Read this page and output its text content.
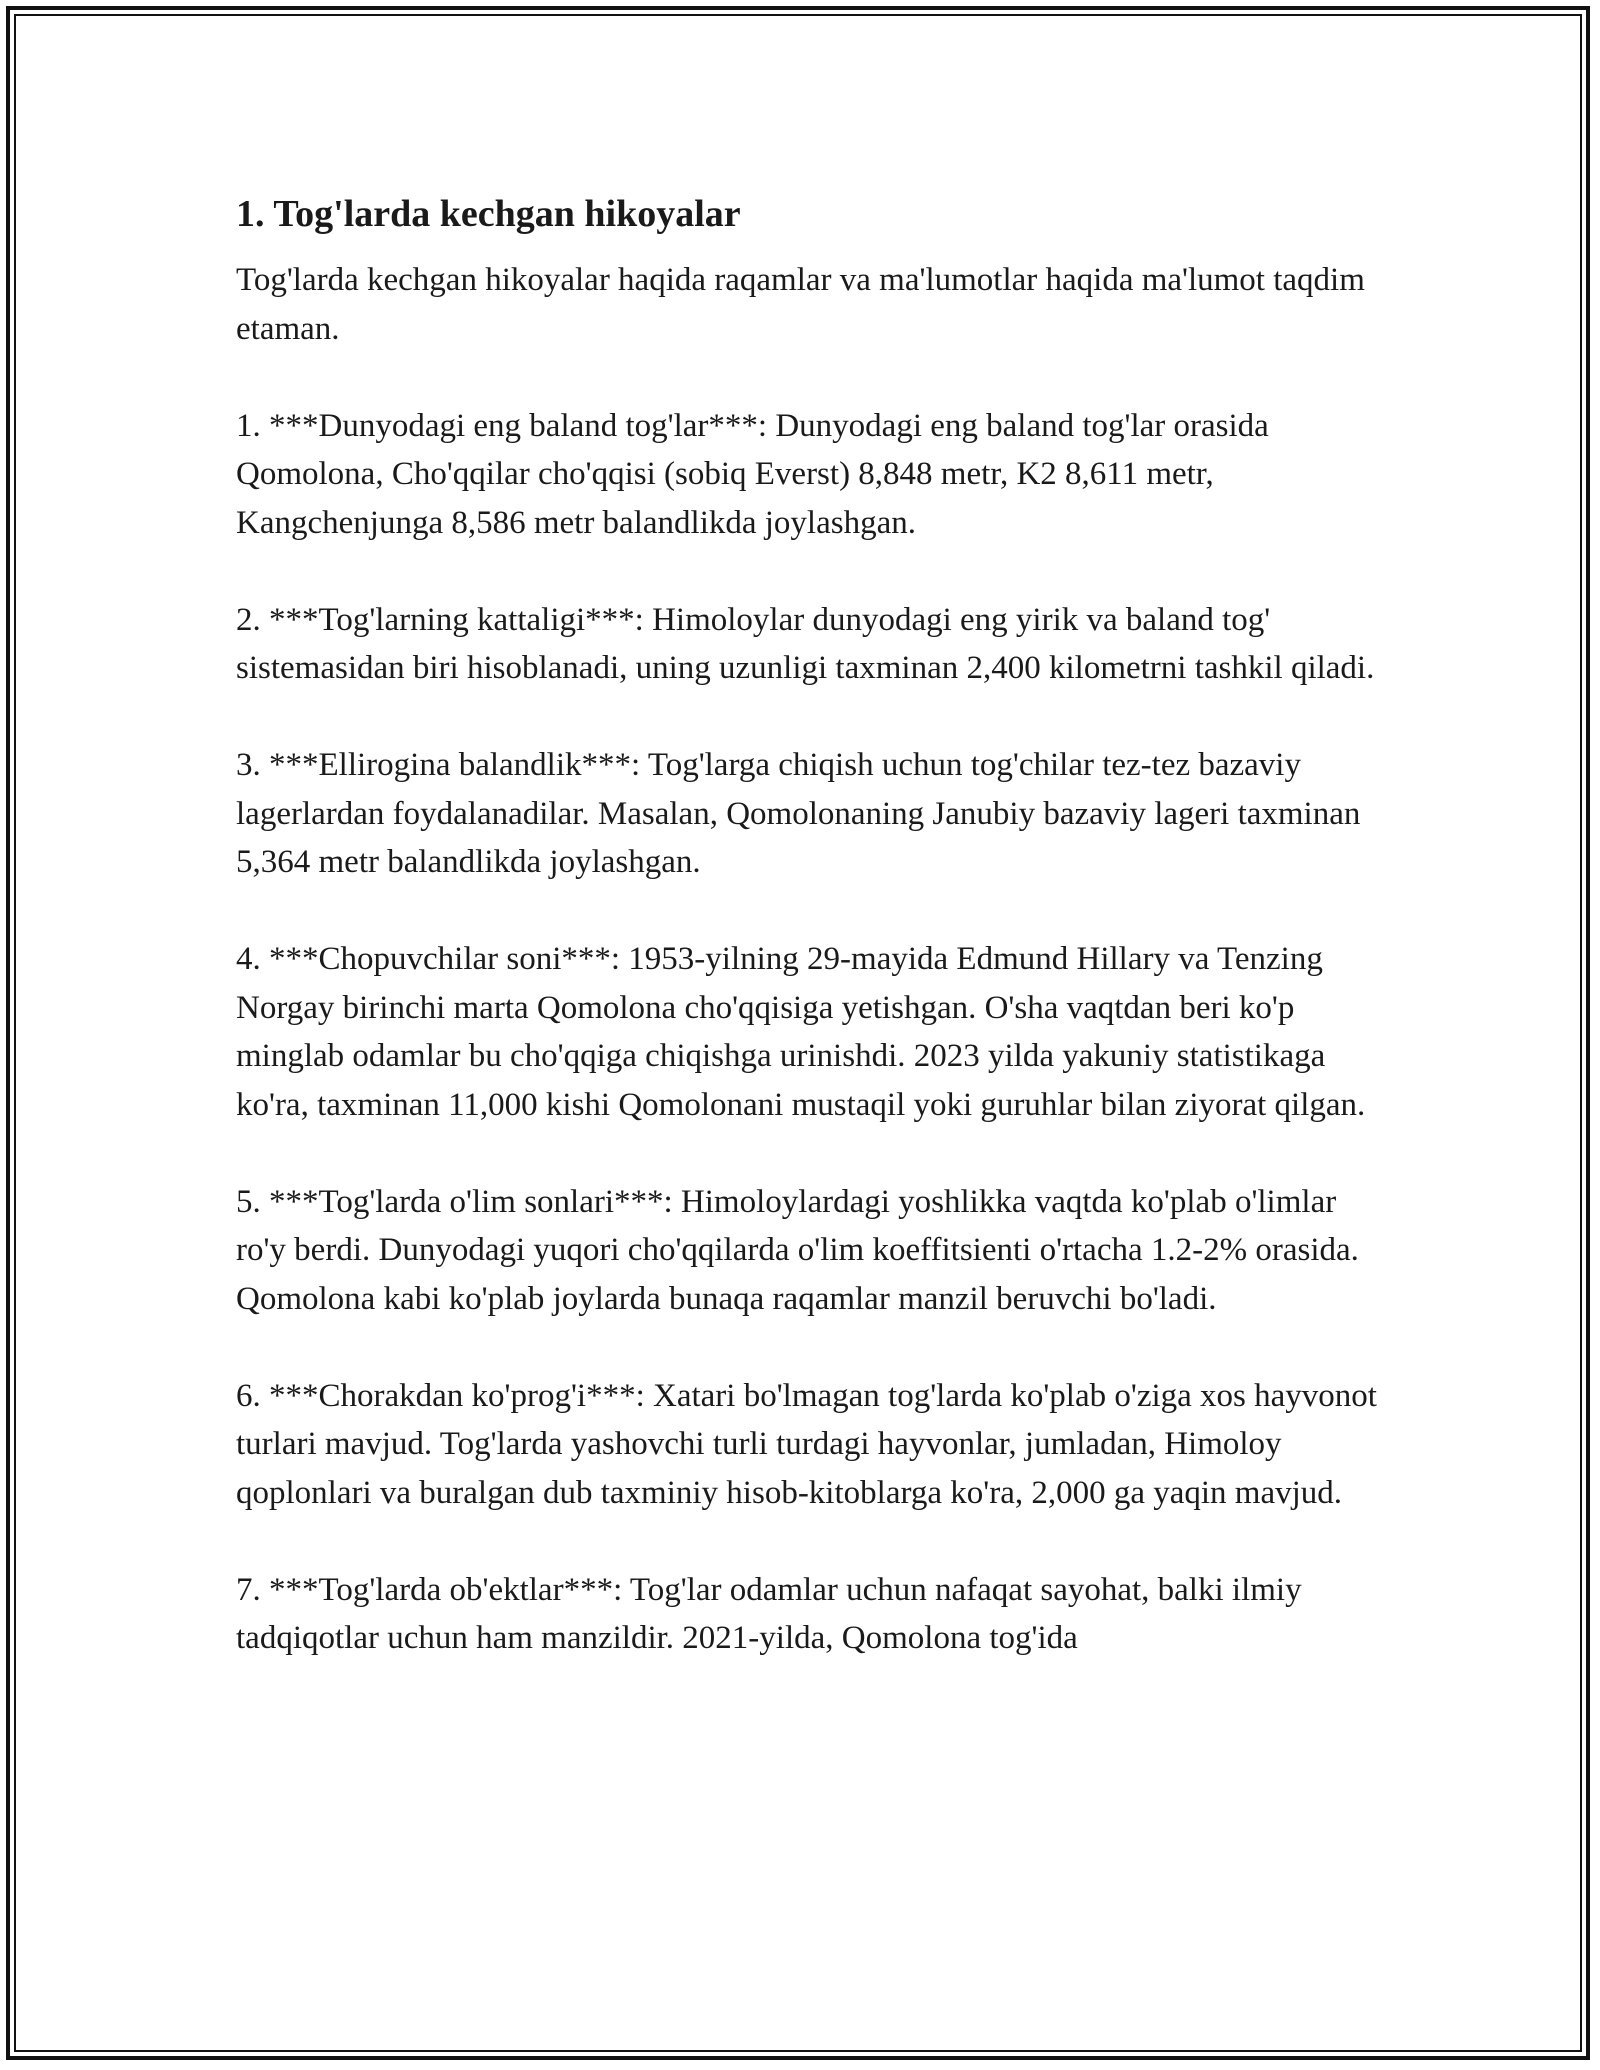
1. Tog'larda kechgan hikoyalar

Tog'larda kechgan hikoyalar haqida raqamlar va ma'lumotlar haqida ma'lumot taqdim etaman.

1. ***Dunyodagi eng baland tog'lar***: Dunyodagi eng baland tog'lar orasida Qomolona, Cho'qqilar cho'qqisi (sobiq Everst) 8,848 metr, K2 8,611 metr, Kangchenjunga 8,586 metr balandlikda joylashgan.

2. ***Tog'larning kattaligi***: Himoloylar dunyodagi eng yirik va baland tog' sistemasidan biri hisoblanadi, uning uzunligi taxminan 2,400 kilometrni tashkil qiladi.

3. ***Ellirogina balandlik***: Tog'larga chiqish uchun tog'chilar tez-tez bazaviy lagerlardan foydalanadilar. Masalan, Qomolonaning Janubiy bazaviy lageri taxminan 5,364 metr balandlikda joylashgan.

4. ***Chopuvchilar soni***: 1953-yilning 29-mayida Edmund Hillary va Tenzing Norgay birinchi marta Qomolona cho'qqisiga yetishgan. O'sha vaqtdan beri ko'p minglab odamlar bu cho'qqiga chiqishga urinishdi. 2023 yilda yakuniy statistikaga ko'ra, taxminan 11,000 kishi Qomolonani mustaqil yoki guruhlar bilan ziyorat qilgan.

5. ***Tog'larda o'lim sonlari***: Himoloylardagi yoshlikka vaqtda ko'plab o'limlar ro'y berdi. Dunyodagi yuqori cho'qqilarda o'lim koeffitsienti o'rtacha 1.2-2% orasida. Qomolona kabi ko'plab joylarda bunaqa raqamlar manzil beruvchi bo'ladi.

6. ***Chorakdan ko'prog'i***: Xatari bo'lmagan tog'larda ko'plab o'ziga xos hayvonot turlari mavjud. Tog'larda yashovchi turli turdagi hayvonlar, jumladan, Himoloy qoplonlari va buralgan dub taxminiy hisob-kitoblarga ko'ra, 2,000 ga yaqin mavjud.

7. ***Tog'larda ob'ektlar***: Tog'lar odamlar uchun nafaqat sayohat, balki ilmiy tadqiqotlar uchun ham manzildir. 2021-yilda, Qomolona tog'ida
